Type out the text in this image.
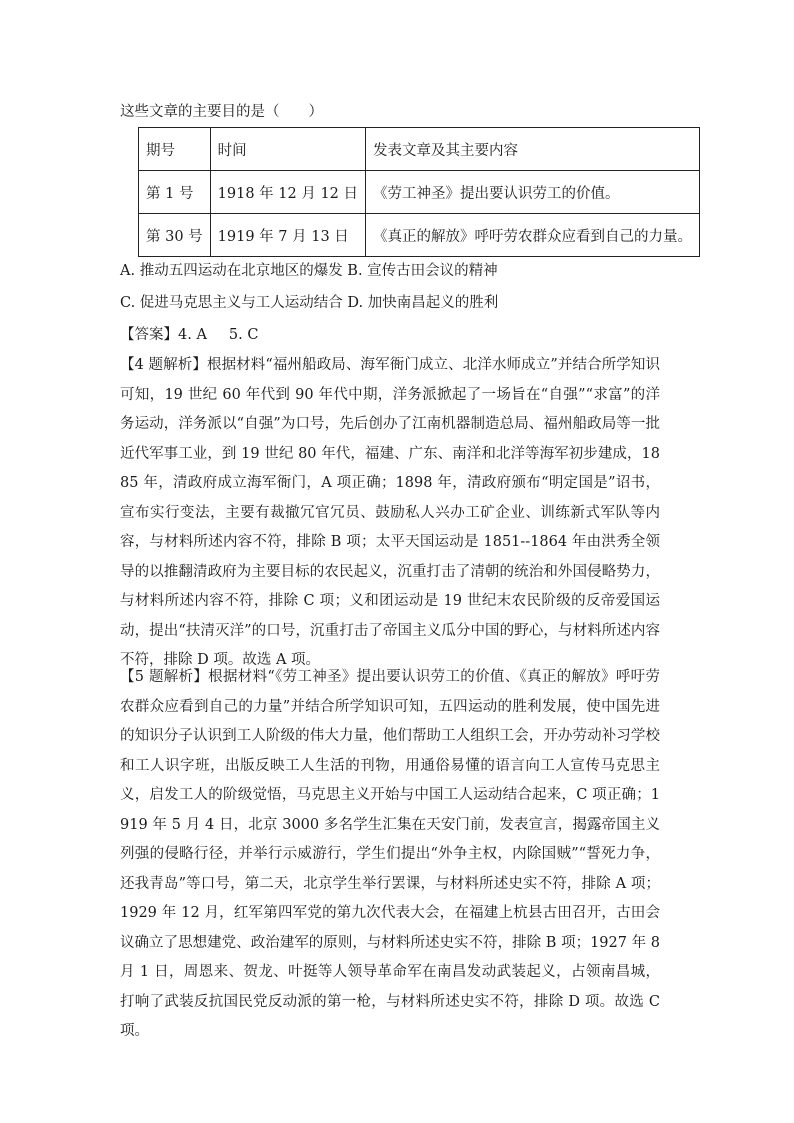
这些文章的主要目的是（　　）
期号	时间	发表文章及其主要内容
第 1 号	1918 年 12 月 12 日	《劳工神圣》提出要认识劳工的价值。
第 30 号	1919 年 7 月 13 日	《真正的解放》呼吁劳农群众应看到自己的力量。
A. 推动五四运动在北京地区的爆发 B. 宣传古田会议的精神
C. 促进马克思主义与工人运动结合 D. 加快南昌起义的胜利
【答案】4. A 5. C
【4 题解析】根据材料“福州船政局、海军衙门成立、北洋水师成立”并结合所学知识可知，19 世纪 60 年代到 90 年代中期，洋务派掀起了一场旨在“自强”“求富”的洋务运动，洋务派以“自强”为口号，先后创办了江南机器制造总局、福州船政局等一批近代军事工业，到 19 世纪 80 年代，福建、广东、南洋和北洋等海军初步建成，1885 年，清政府成立海军衙门，A 项正确；1898 年，清政府颁布“明定国是”诏书，宣布实行变法，主要有裁撤冗官冗员、鼓励私人兴办工矿企业、训练新式军队等内容，与材料所述内容不符，排除 B 项；太平天国运动是 1851--1864 年由洪秀全领导的以推翻清政府为主要目标的农民起义，沉重打击了清朝的统治和外国侵略势力，与材料所述内容不符，排除 C 项；义和团运动是 19 世纪末农民阶级的反帝爱国运动，提出“扶清灭洋”的口号，沉重打击了帝国主义瓜分中国的野心，与材料所述内容不符，排除 D 项。故选 A 项。
【5 题解析】根据材料“《劳工神圣》提出要认识劳工的价值、《真正的解放》呼吁劳农群众应看到自己的力量”并结合所学知识可知，五四运动的胜利发展，使中国先进的知识分子认识到工人阶级的伟大力量，他们帮助工人组织工会，开办劳动补习学校和工人识字班，出版反映工人生活的刊物，用通俗易懂的语言向工人宣传马克思主义，启发工人的阶级觉悟，马克思主义开始与中国工人运动结合起来，C 项正确；1919 年 5 月 4 日，北京 3000 多名学生汇集在天安门前，发表宣言，揭露帝国主义列强的侵略行径，并举行示威游行，学生们提出“外争主权，内除国贼”“誓死力争，还我青岛”等口号，第二天，北京学生举行罢课，与材料所述史实不符，排除 A 项；1929 年 12 月，红军第四军党的第九次代表大会，在福建上杭县古田召开，古田会议确立了思想建党、政治建军的原则，与材料所述史实不符，排除 B 项；1927 年 8 月 1 日，周恩来、贺龙、叶挺等人领导革命军在南昌发动武装起义，占领南昌城，打响了武装反抗国民党反动派的第一枪，与材料所述史实不符，排除 D 项。故选 C 项。
